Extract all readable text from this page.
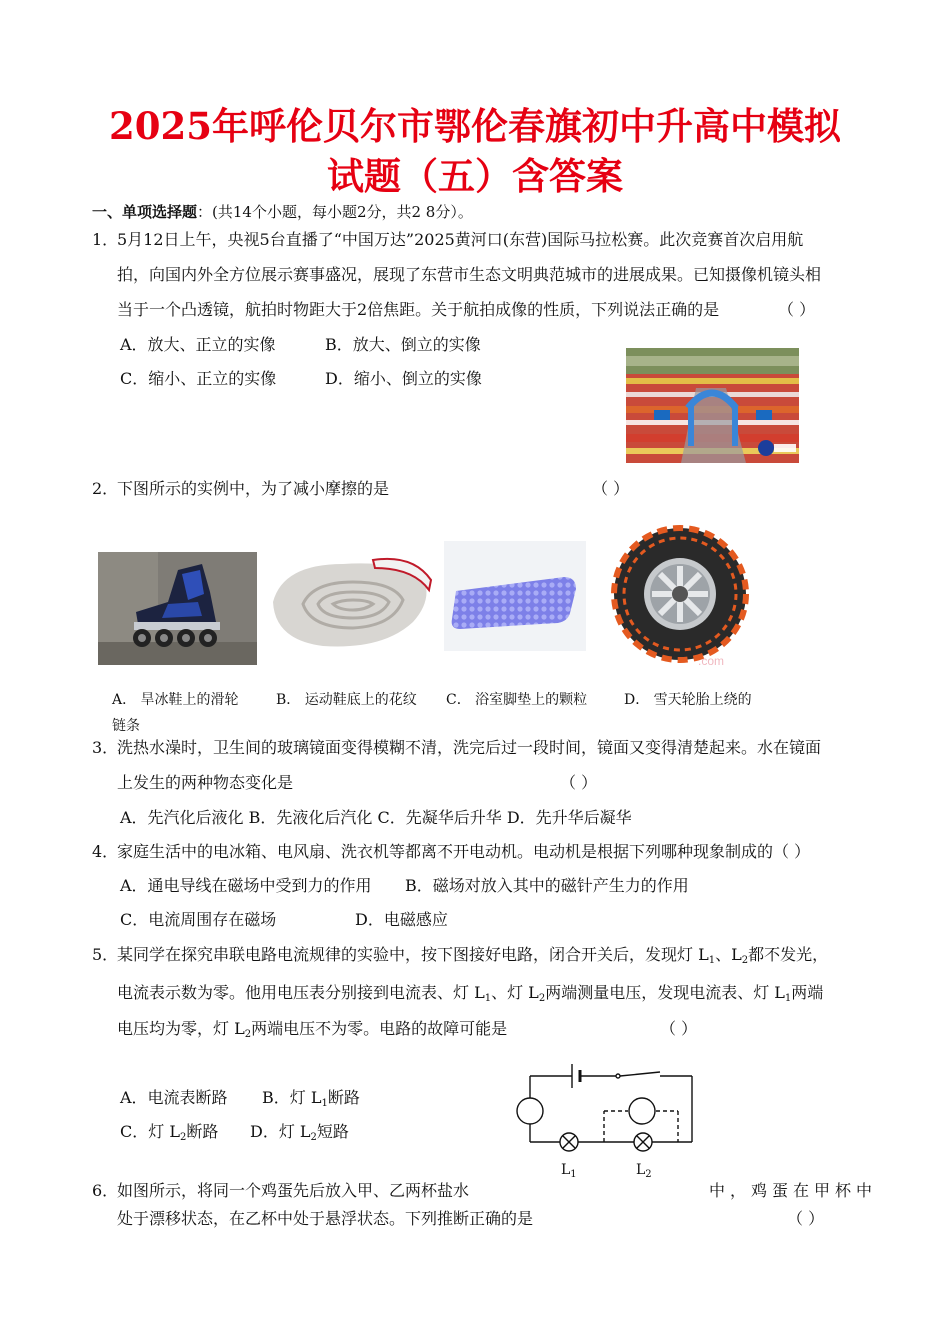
2025年呼伦贝尔市鄂伦春旗初中升高中模拟
试题（五）含答案
一、单项选择题：(共14个小题，每小题2分，共2 8分）。
1．
5月12日上午，央视5台直播了“中国万达”2025黄河口(东营)国际马拉松赛。此次竞赛首次启用航
拍，向国内外全方位展示赛事盛况，展现了东营市生态文明典范城市的进展成果。已知摄像机镜头相
当于一个凸透镜，航拍时物距大于2倍焦距。关于航拍成像的性质，下列说法正确的是	（ ）
A．放大、正立的实像	B．放大、倒立的实像
C．缩小、正立的实像	D．缩小、倒立的实像
2．
下图所示的实例中，为了减小摩擦的是	（ ）
.com
A． 旱冰鞋上的滑轮	B． 运动鞋底上的花纹 C． 浴室脚垫上的颗粒	D． 雪天轮胎上绕的
链条
3．
洗热水澡时，卫生间的玻璃镜面变得模糊不清，洗完后过一段时间，镜面又变得清楚起来。水在镜面
上发生的两种物态变化是	（ ）
A．先汽化后液化 B．先液化后汽化 C．先凝华后升华 D．先升华后凝华
4．
家庭生活中的电冰箱、电风扇、洗衣机等都离不开电动机。电动机是根据下列哪种现象制成的（ ）
A．通电导线在磁场中受到力的作用 B．磁场对放入其中的磁针产生力的作用
C．电流周围存在磁场	D．电磁感应
5．
某同学在探究串联电路电流规律的实验中，按下图接好电路，闭合开关后，发现灯 $L_1$、$L_2$都不发光，
电流表示数为零。他用电压表分别接到电流表、灯 $L_1$、灯 $L_2$两端测量电压，发现电流表、灯 $L_1$两端
电压均为零，灯 $L_2$两端电压不为零。电路的故障可能是	（ ）
A．电流表断路 B．灯 $L_1$断路
C．灯 $L_2$断路 D．灯 $L_2$短路
$L_1$	$L_2$
6．
如图所示，将同一个鸡蛋先后放入甲、乙两杯盐水	中，鸡蛋在甲杯中
处于漂移状态，在乙杯中处于悬浮状态。下列推断正确的是	（ ）
